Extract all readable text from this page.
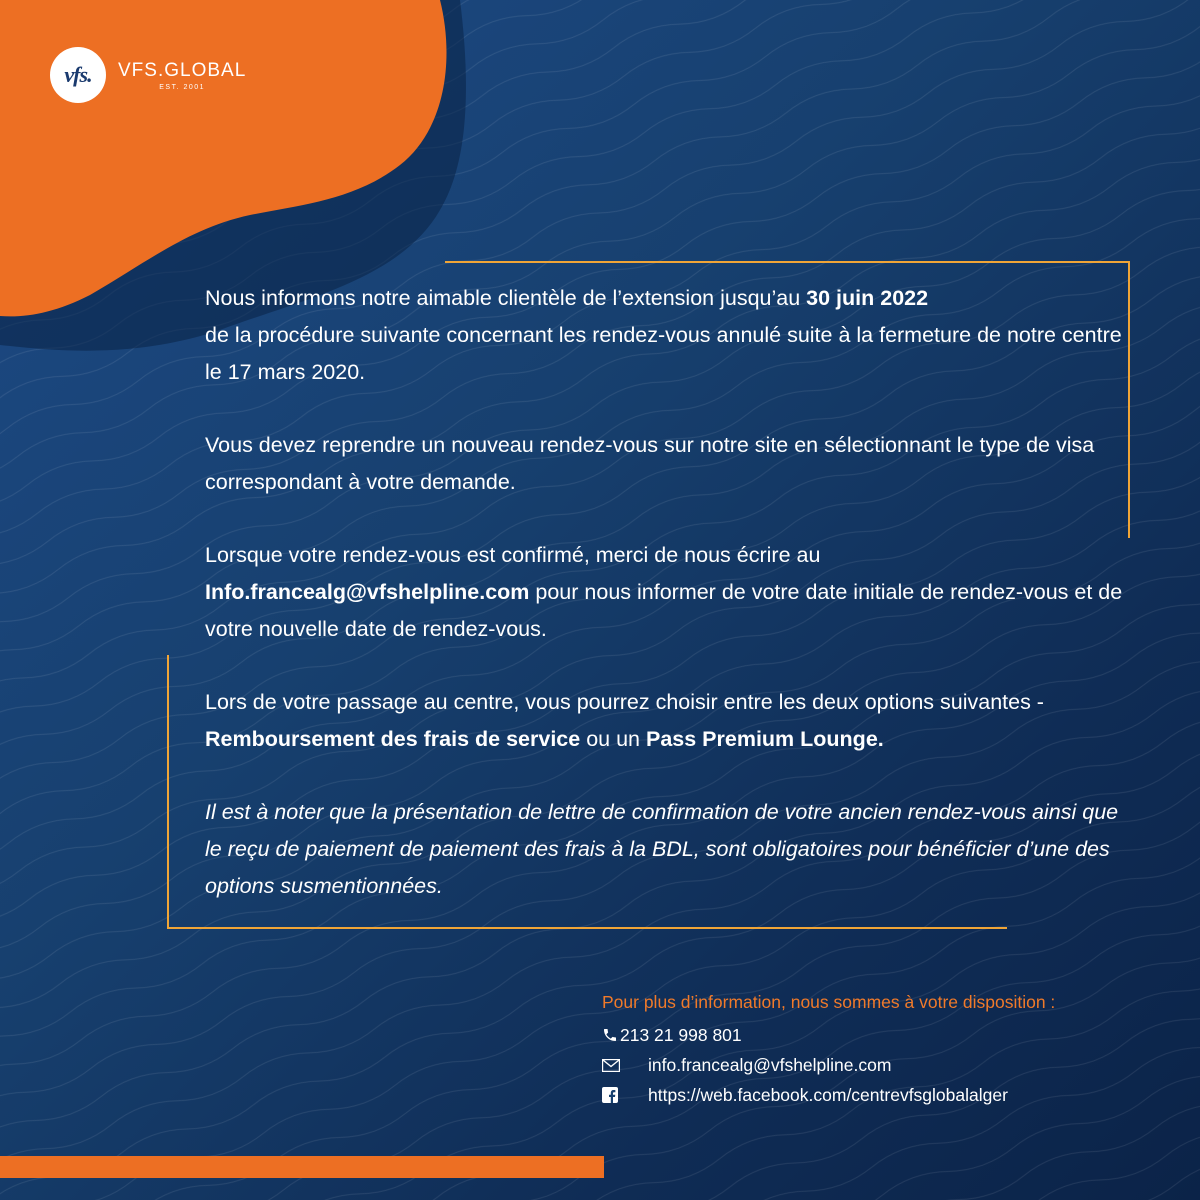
vfs. VFS.GLOBAL
EST. 2001

Nous informons notre aimable clientèle de l’extension jusqu’au 30 juin 2022
de la procédure suivante concernant les rendez-vous annulé suite à la fermeture de notre centre le 17 mars 2020.

Vous devez reprendre un nouveau rendez-vous sur notre site en sélectionnant le type de visa correspondant à votre demande.

Lorsque votre rendez-vous est confirmé, merci de nous écrire au
Info.francealg@vfshelpline.com pour nous informer de votre date initiale de rendez-vous et de votre nouvelle date de rendez-vous.

Lors de votre passage au centre, vous pourrez choisir entre les deux options suivantes - Remboursement des frais de service ou un Pass Premium Lounge.

Il est à noter que la présentation de lettre de confirmation de votre ancien rendez-vous ainsi que le reçu de paiement de paiement des frais à la BDL, sont obligatoires pour bénéficier d’une des options susmentionnées.

Pour plus d’information, nous sommes à votre disposition :
213 21 998 801
info.francealg@vfshelpline.com
https://web.facebook.com/centrevfsglobalalger
